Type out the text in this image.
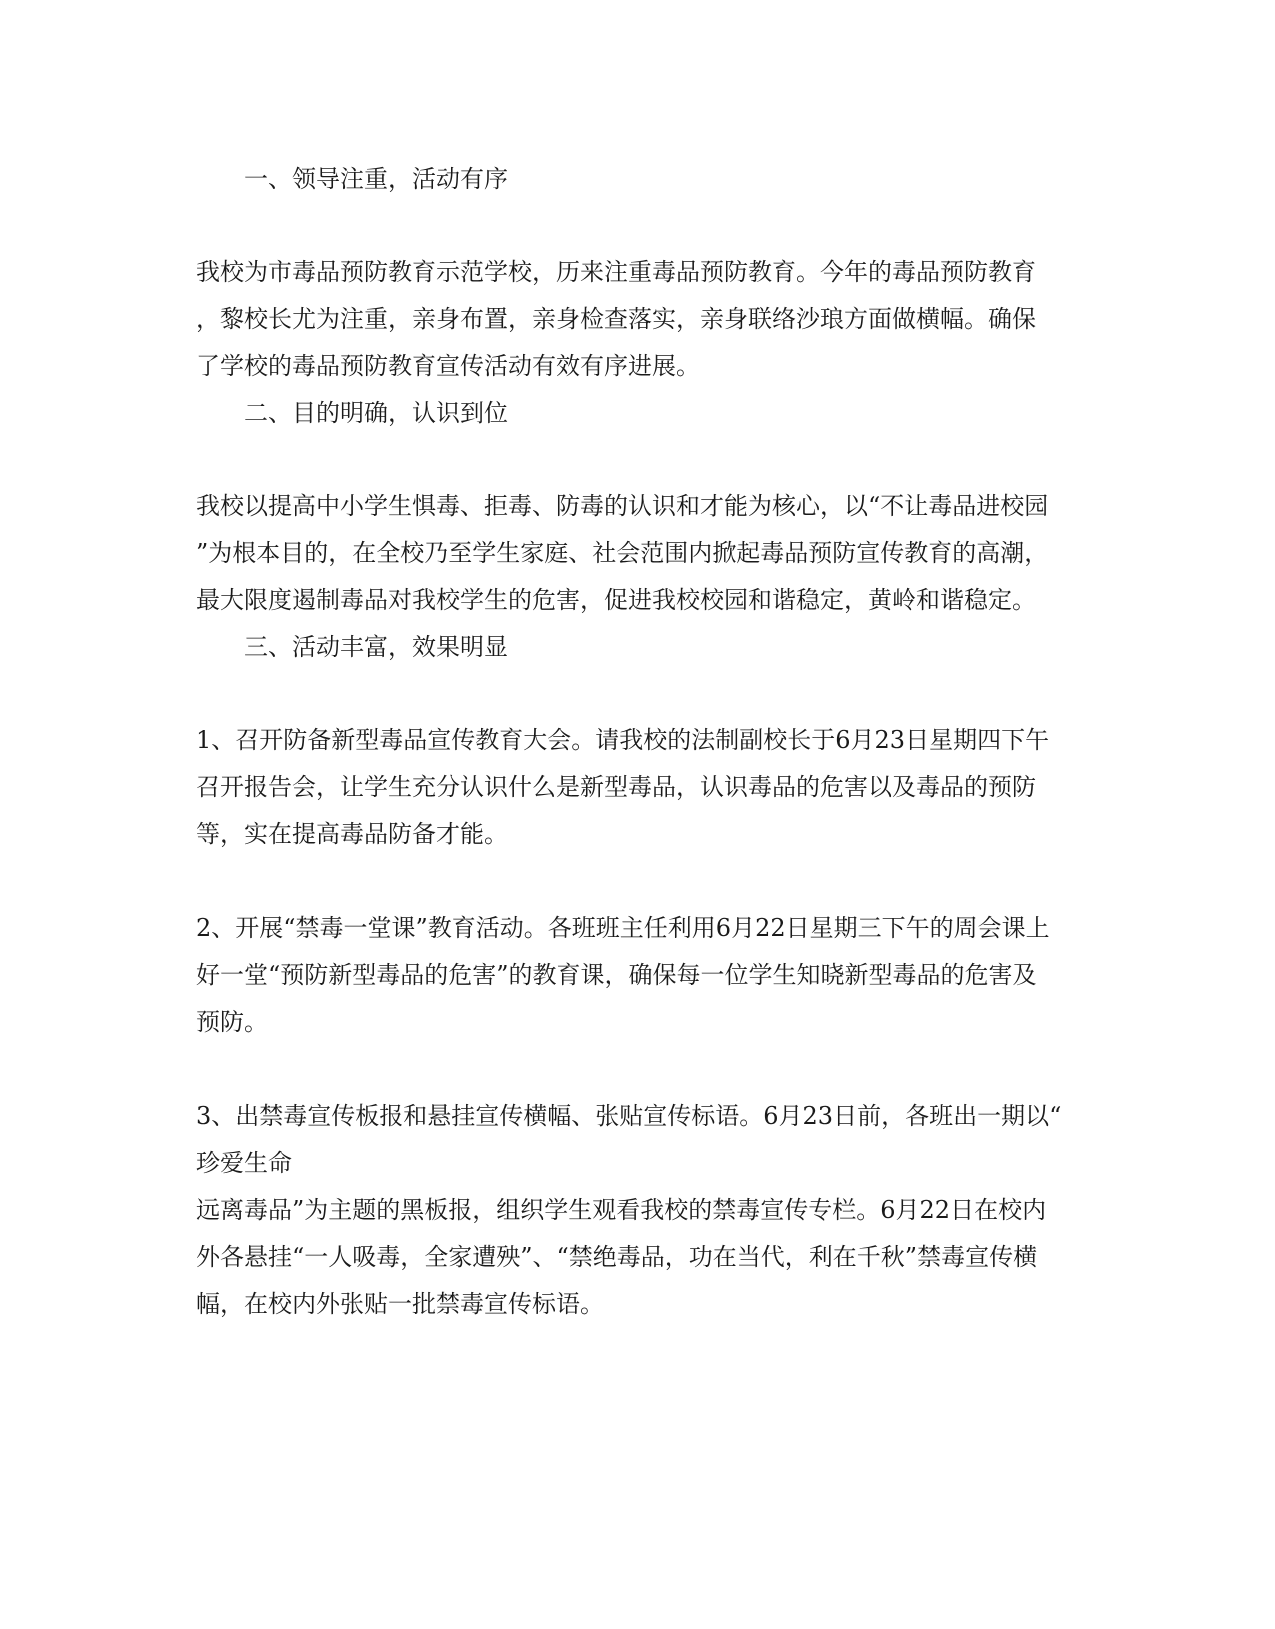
一、领导注重，活动有序
我校为市毒品预防教育示范学校，历来注重毒品预防教育。今年的毒品预防教育
，黎校长尤为注重，亲身布置，亲身检查落实，亲身联络沙琅方面做横幅。确保
了学校的毒品预防教育宣传活动有效有序进展。
二、目的明确，认识到位
我校以提高中小学生惧毒、拒毒、防毒的认识和才能为核心，以“不让毒品进校园
”为根本目的，在全校乃至学生家庭、社会范围内掀起毒品预防宣传教育的高潮，
最大限度遏制毒品对我校学生的危害，促进我校校园和谐稳定，黄岭和谐稳定。
三、活动丰富，效果明显
1、召开防备新型毒品宣传教育大会。请我校的法制副校长于6月23日星期四下午
召开报告会，让学生充分认识什么是新型毒品，认识毒品的危害以及毒品的预防
等，实在提高毒品防备才能。
2、开展“禁毒一堂课”教育活动。各班班主任利用6月22日星期三下午的周会课上
好一堂“预防新型毒品的危害”的教育课，确保每一位学生知晓新型毒品的危害及
预防。
3、出禁毒宣传板报和悬挂宣传横幅、张贴宣传标语。6月23日前，各班出一期以“
珍爱生命
远离毒品”为主题的黑板报，组织学生观看我校的禁毒宣传专栏。6月22日在校内
外各悬挂“一人吸毒，全家遭殃”、“禁绝毒品，功在当代，利在千秋”禁毒宣传横
幅，在校内外张贴一批禁毒宣传标语。
